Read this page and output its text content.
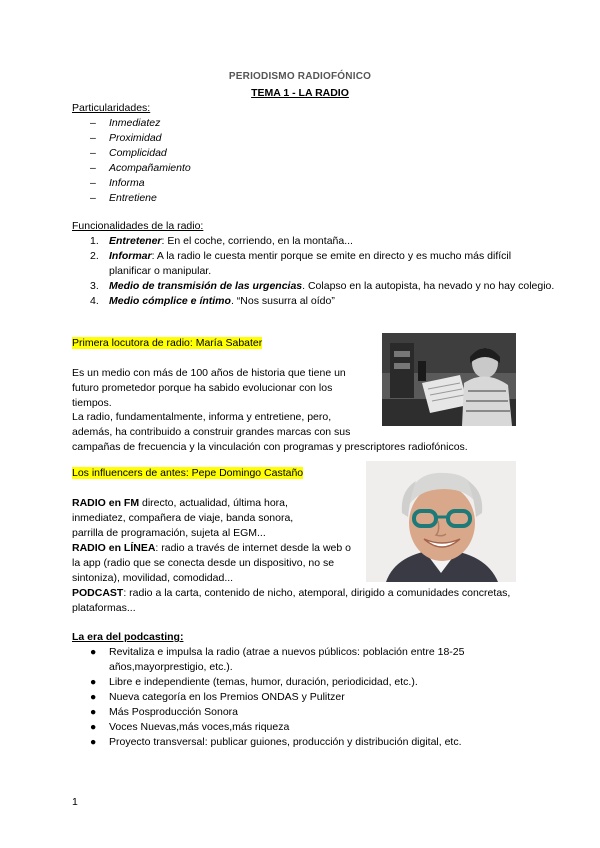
PERIODISMO RADIOFÓNICO
TEMA 1 - LA RADIO
Particularidades:
– Inmediatez
– Proximidad
– Complicidad
– Acompañamiento
– Informa
– Entretiene
Funcionalidades de la radio:
1. Entretener: En el coche, corriendo, en la montaña...
2. Informar: A la radio le cuesta mentir porque se emite en directo y es mucho más difícil planificar o manipular.
3. Medio de transmisión de las urgencias. Colapso en la autopista, ha nevado y no hay colegio.
4. Medio cómplice e íntimo. “Nos susurra al oído”
Primera locutora de radio: María Sabater
Es un medio con más de 100 años de historia que tiene un futuro prometedor porque ha sabido evolucionar con los tiempos.
La radio, fundamentalmente, informa y entretiene, pero, además, ha contribuido a construir grandes marcas con sus
campañas de frecuencia y la vinculación con programas y prescriptores radiofónicos.
Los influencers de antes: Pepe Domingo Castaño
RADIO en FM directo, actualidad, última hora, inmediatez, compañera de viaje, banda sonora, parrilla de programación, sujeta al EGM...
RADIO en LÍNEA: radio a través de internet desde la web o la app (radio que se conecta desde un dispositivo, no se sintoniza), movilidad, comodidad...
PODCAST: radio a la carta, contenido de nicho, atemporal, dirigido a comunidades concretas, plataformas...
La era del podcasting:
● Revitaliza e impulsa la radio (atrae a nuevos públicos: población entre 18-25 años,mayorprestigio, etc.).
● Libre e independiente (temas, humor, duración, periodicidad, etc.).
● Nueva categoría en los Premios ONDAS y Pulitzer
● Más Posproducción Sonora
● Voces Nuevas,más voces,más riqueza
● Proyecto transversal: publicar guiones, producción y distribución digital, etc.
1
